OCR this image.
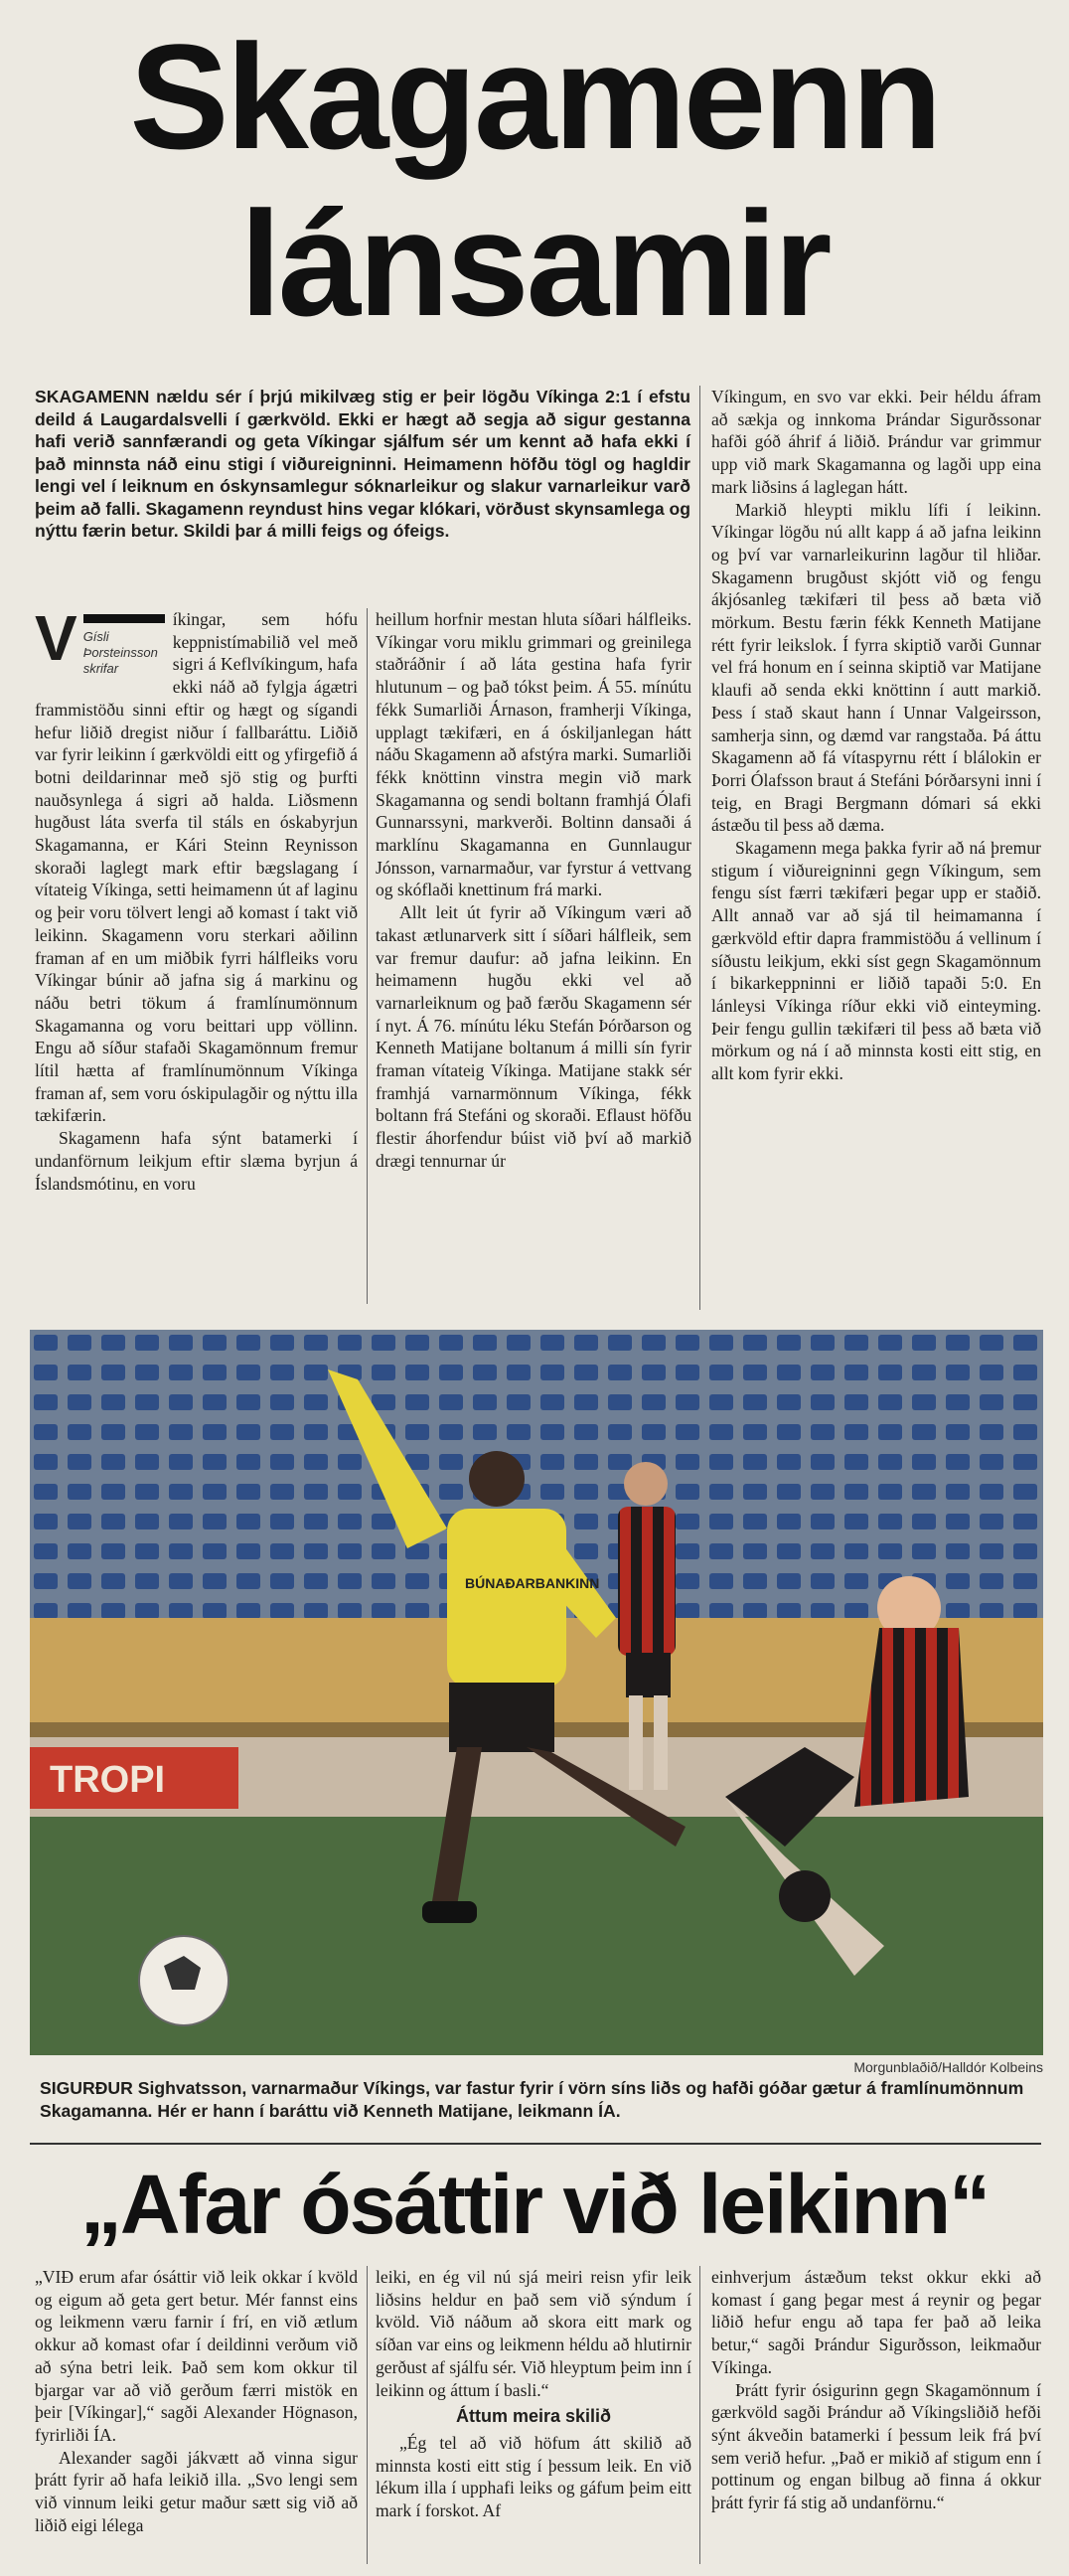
Skagamenn
lánsamir

SKAGAMENN nældu sér í þrjú mikilvæg stig er þeir lögðu Víkinga 2:1 í efstu deild á Laugardalsvelli í gærkvöld. Ekki er hægt að segja að sigur gestanna hafi verið sannfærandi og geta Víkingar sjálfum sér um kennt að hafa ekki í það minnsta náð einu stigi í viðureigninni. Heimamenn höfðu tögl og hagldir lengi vel í leiknum en óskynsamlegur sóknarleikur og slakur varnarleikur varð þeim að falli. Skagamenn reyndust hins vegar klókari, vörðust skynsamlega og nýttu færin betur. Skildi þar á milli feigs og ófeigs.

Víkingum, en svo var ekki. Þeir héldu áfram að sækja og innkoma Þrándar Sigurðssonar hafði góð áhrif á liðið. Þrándur var grimmur upp við mark Skagamanna og lagði upp eina mark liðsins á laglegan hátt.

Markið hleypti miklu lífi í leikinn. Víkingar lögðu nú allt kapp á að jafna leikinn og því var varnarleikurinn lagður til hliðar. Skagamenn brugðust skjótt við og fengu ákjósanleg tækifæri til þess að bæta við mörkum. Bestu færin fékk Kenneth Matijane rétt fyrir leikslok. Í fyrra skiptið varði Gunnar vel frá honum en í seinna skiptið var Matijane klaufi að senda ekki knöttinn í autt markið. Þess í stað skaut hann í Unnar Valgeirsson, samherja sinn, og dæmd var rangstaða. Þá áttu Skagamenn að fá vítaspyrnu rétt í blálokin er Þorri Ólafsson braut á Stefáni Þórðarsyni inni í teig, en Bragi Bergmann dómari sá ekki ástæðu til þess að dæma.

Skagamenn mega þakka fyrir að ná þremur stigum í viðureigninni gegn Víkingum, sem fengu síst færri tækifæri þegar upp er staðið. Allt annað var að sjá til heimamanna í gærkvöld eftir dapra frammistöðu á vellinum í síðustu leikjum, ekki síst gegn Skagamönnum í bikarkeppninni er liðið tapaði 5:0. En lánleysi Víkinga ríður ekki við einteyming. Þeir fengu gullin tækifæri til þess að bæta við mörkum og ná í að minnsta kosti eitt stig, en allt kom fyrir ekki.

V Gísli Þorsteinsson
skrifar

íkingar, sem hófu keppnistímabilið vel með sigri á Keflvíkingum, hafa ekki náð að fylgja ágætri frammistöðu sinni eftir og hægt og sígandi hefur liðið dregist niður í fallbaráttu. Liðið var fyrir leikinn í gærkvöldi eitt og yfirgefið á botni deildarinnar með sjö stig og þurfti nauðsynlega á sigri að halda. Liðsmenn hugðust láta sverfa til stáls en óskabyrjun Skagamanna, er Kári Steinn Reynisson skoraði laglegt mark eftir bægslagang í vítateig Víkinga, setti heimamenn út af laginu og þeir voru tölvert lengi að komast í takt við leikinn. Skagamenn voru sterkari aðilinn framan af en um miðbik fyrri hálfleiks voru Víkingar búnir að jafna sig á markinu og náðu betri tökum á framlínumönnum Skagamanna og voru beittari upp völlinn. Engu að síður stafaði Skagamönnum fremur lítil hætta af framlínumönnum Víkinga framan af, sem voru óskipulagðir og nýttu illa tækifærin.

Skagamenn hafa sýnt batamerki í undanförnum leikjum eftir slæma byrjun á Íslandsmótinu, en voru

heillum horfnir mestan hluta síðari hálfleiks. Víkingar voru miklu grimmari og greinilega staðráðnir í að láta gestina hafa fyrir hlutunum – og það tókst þeim. Á 55. mínútu fékk Sumarliði Árnason, framherji Víkinga, upplagt tækifæri, en á óskiljanlegan hátt náðu Skagamenn að afstýra marki. Sumarliði fékk knöttinn vinstra megin við mark Skagamanna og sendi boltann framhjá Ólafi Gunnarssyni, markverði. Boltinn dansaði á marklínu Skagamanna en Gunnlaugur Jónsson, varnarmaður, var fyrstur á vettvang og skóflaði knettinum frá marki.

Allt leit út fyrir að Víkingum væri að takast ætlunarverk sitt í síðari hálfleik, sem var fremur daufur: að jafna leikinn. En heimamenn hugðu ekki vel að varnarleiknum og það færðu Skagamenn sér í nyt. Á 76. mínútu léku Stefán Þórðarson og Kenneth Matijane boltanum á milli sín fyrir framan vítateig Víkinga. Matijane stakk sér framhjá varnarmönnum Víkinga, fékk boltann frá Stefáni og skoraði. Eflaust höfðu flestir áhorfendur búist við því að markið drægi tennurnar úr

TROPI
BÚNAÐARBANKINN
Morgunblaðið/Halldór Kolbeins

SIGURÐUR Sighvatsson, varnarmaður Víkings, var fastur fyrir í vörn síns liðs og hafði góðar gætur á framlínumönnum Skagamanna. Hér er hann í baráttu við Kenneth Matijane, leikmann ÍA.

„Afar ósáttir við leikinn“

„VIÐ erum afar ósáttir við leik okkar í kvöld og eigum að geta gert betur. Mér fannst eins og leikmenn væru farnir í frí, en við ætlum okkur að komast ofar í deildinni verðum við að sýna betri leik. Það sem kom okkur til bjargar var að við gerðum færri mistök en þeir [Víkingar],“ sagði Alexander Högnason, fyrirliði ÍA.

Alexander sagði jákvætt að vinna sigur þrátt fyrir að hafa leikið illa. „Svo lengi sem við vinnum leiki getur maður sætt sig við að liðið eigi lélega

leiki, en ég vil nú sjá meiri reisn yfir leik liðsins heldur en það sem við sýndum í kvöld. Við náðum að skora eitt mark og síðan var eins og leikmenn héldu að hlutirnir gerðust af sjálfu sér. Við hleyptum þeim inn í leikinn og áttum í basli.“

Áttum meira skilið

„Ég tel að við höfum átt skilið að minnsta kosti eitt stig í þessum leik. En við lékum illa í upphafi leiks og gáfum þeim eitt mark í forskot. Af

einhverjum ástæðum tekst okkur ekki að komast í gang þegar mest á reynir og þegar liðið hefur engu að tapa fer það að leika betur,“ sagði Þrándur Sigurðsson, leikmaður Víkinga.

Þrátt fyrir ósigurinn gegn Skagamönnum í gærkvöld sagði Þrándur að Víkingsliðið hefði sýnt ákveðin batamerki í þessum leik frá því sem verið hefur. „Það er mikið af stigum enn í pottinum og engan bilbug að finna á okkur þrátt fyrir fá stig að undanförnu.“
